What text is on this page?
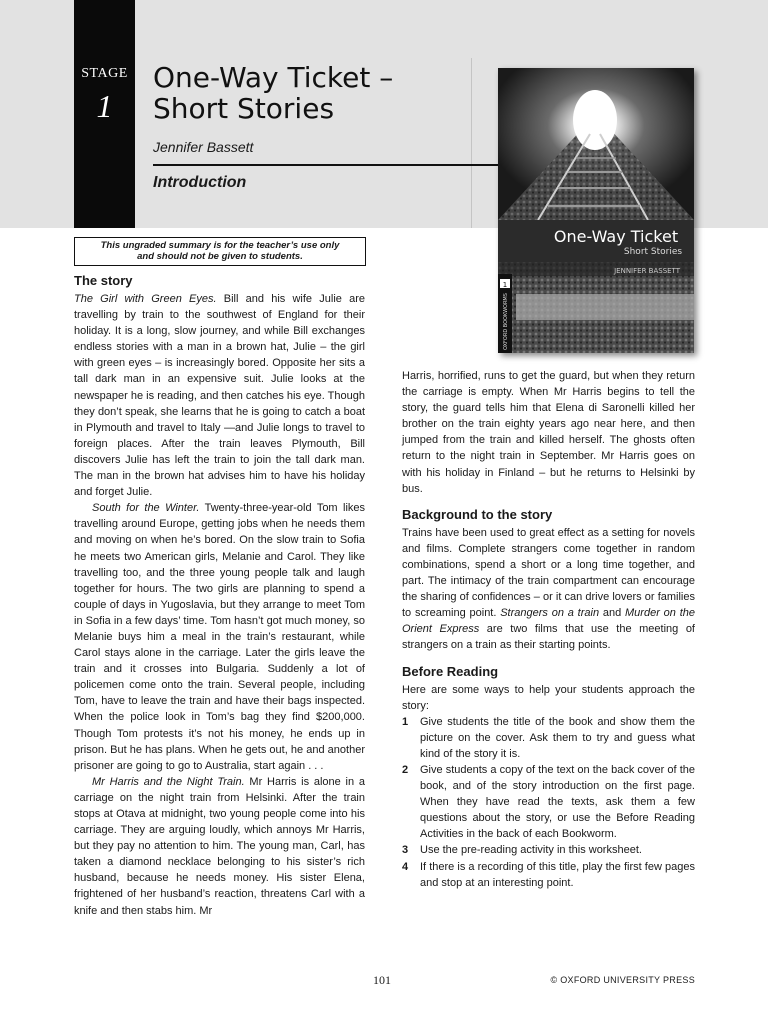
STAGE
1
One-Way Ticket –
Short Stories
Jennifer Bassett
Introduction
This ungraded summary is for the teacher’s use only
and should not be given to students.
One-Way Ticket
Short Stories
JENNIFER BASSETT
1
OXFORD BOOKWORMS
The story

The Girl with Green Eyes. Bill and his wife Julie are travelling by train to the southwest of England for their holiday. It is a long, slow journey, and while Bill exchanges endless stories with a man in a brown hat, Julie – the girl with green eyes – is increasingly bored. Opposite her sits a tall dark man in an expensive suit. Julie looks at the newspaper he is reading, and then catches his eye. Though they don’t speak, she learns that he is going to catch a boat in Plymouth and travel to Italy —and Julie longs to travel to foreign places. After the train leaves Plymouth, Bill discovers Julie has left the train to join the tall dark man. The man in the brown hat advises him to have his holiday and forget Julie.

South for the Winter. Twenty-three-year-old Tom likes travelling around Europe, getting jobs when he needs them and moving on when he’s bored. On the slow train to Sofia he meets two American girls, Melanie and Carol. They like travelling too, and the three young people talk and laugh together for hours. The two girls are planning to spend a couple of days in Yugoslavia, but they arrange to meet Tom in Sofia in a few days’ time. Tom hasn’t got much money, so Melanie buys him a meal in the train’s restaurant, while Carol stays alone in the carriage. Later the girls leave the train and it crosses into Bulgaria. Suddenly a lot of policemen come onto the train. Several people, including Tom, have to leave the train and have their bags inspected. When the police look in Tom’s bag they find $200,000. Though Tom protests it’s not his money, he ends up in prison. But he has plans. When he gets out, he and another prisoner are going to go to Australia, start again . . .

Mr Harris and the Night Train. Mr Harris is alone in a carriage on the night train from Helsinki. After the train stops at Otava at midnight, two young people come into his carriage. They are arguing loudly, which annoys Mr Harris, but they pay no attention to him. The young man, Carl, has taken a diamond necklace belonging to his sister’s rich husband, because he needs money. His sister Elena, frightened of her husband’s reaction, threatens Carl with a knife and then stabs him. Mr

Harris, horrified, runs to get the guard, but when they return the carriage is empty. When Mr Harris begins to tell the story, the guard tells him that Elena di Saronelli killed her brother on the train eighty years ago near here, and then jumped from the train and killed herself. The ghosts often return to the night train in September. Mr Harris goes on with his holiday in Finland – but he returns to Helsinki by bus.

Background to the story

Trains have been used to great effect as a setting for novels and films. Complete strangers come together in random combinations, spend a short or a long time together, and part. The intimacy of the train compartment can encourage the sharing of confidences – or it can drive lovers or families to screaming point. Strangers on a train and Murder on the Orient Express are two films that use the meeting of strangers on a train as their starting points.

Before Reading

Here are some ways to help your students approach the story:

1	Give students the title of the book and show them the picture on the cover. Ask them to try and guess what kind of the story it is.
2	Give students a copy of the text on the back cover of the book, and of the story introduction on the first page. When they have read the texts, ask them a few questions about the story, or use the Before Reading Activities in the back of each Bookworm.
3	Use the pre-reading activity in this worksheet.
4	If there is a recording of this title, play the first few pages and stop at an interesting point.
101	© OXFORD UNIVERSITY PRESS
